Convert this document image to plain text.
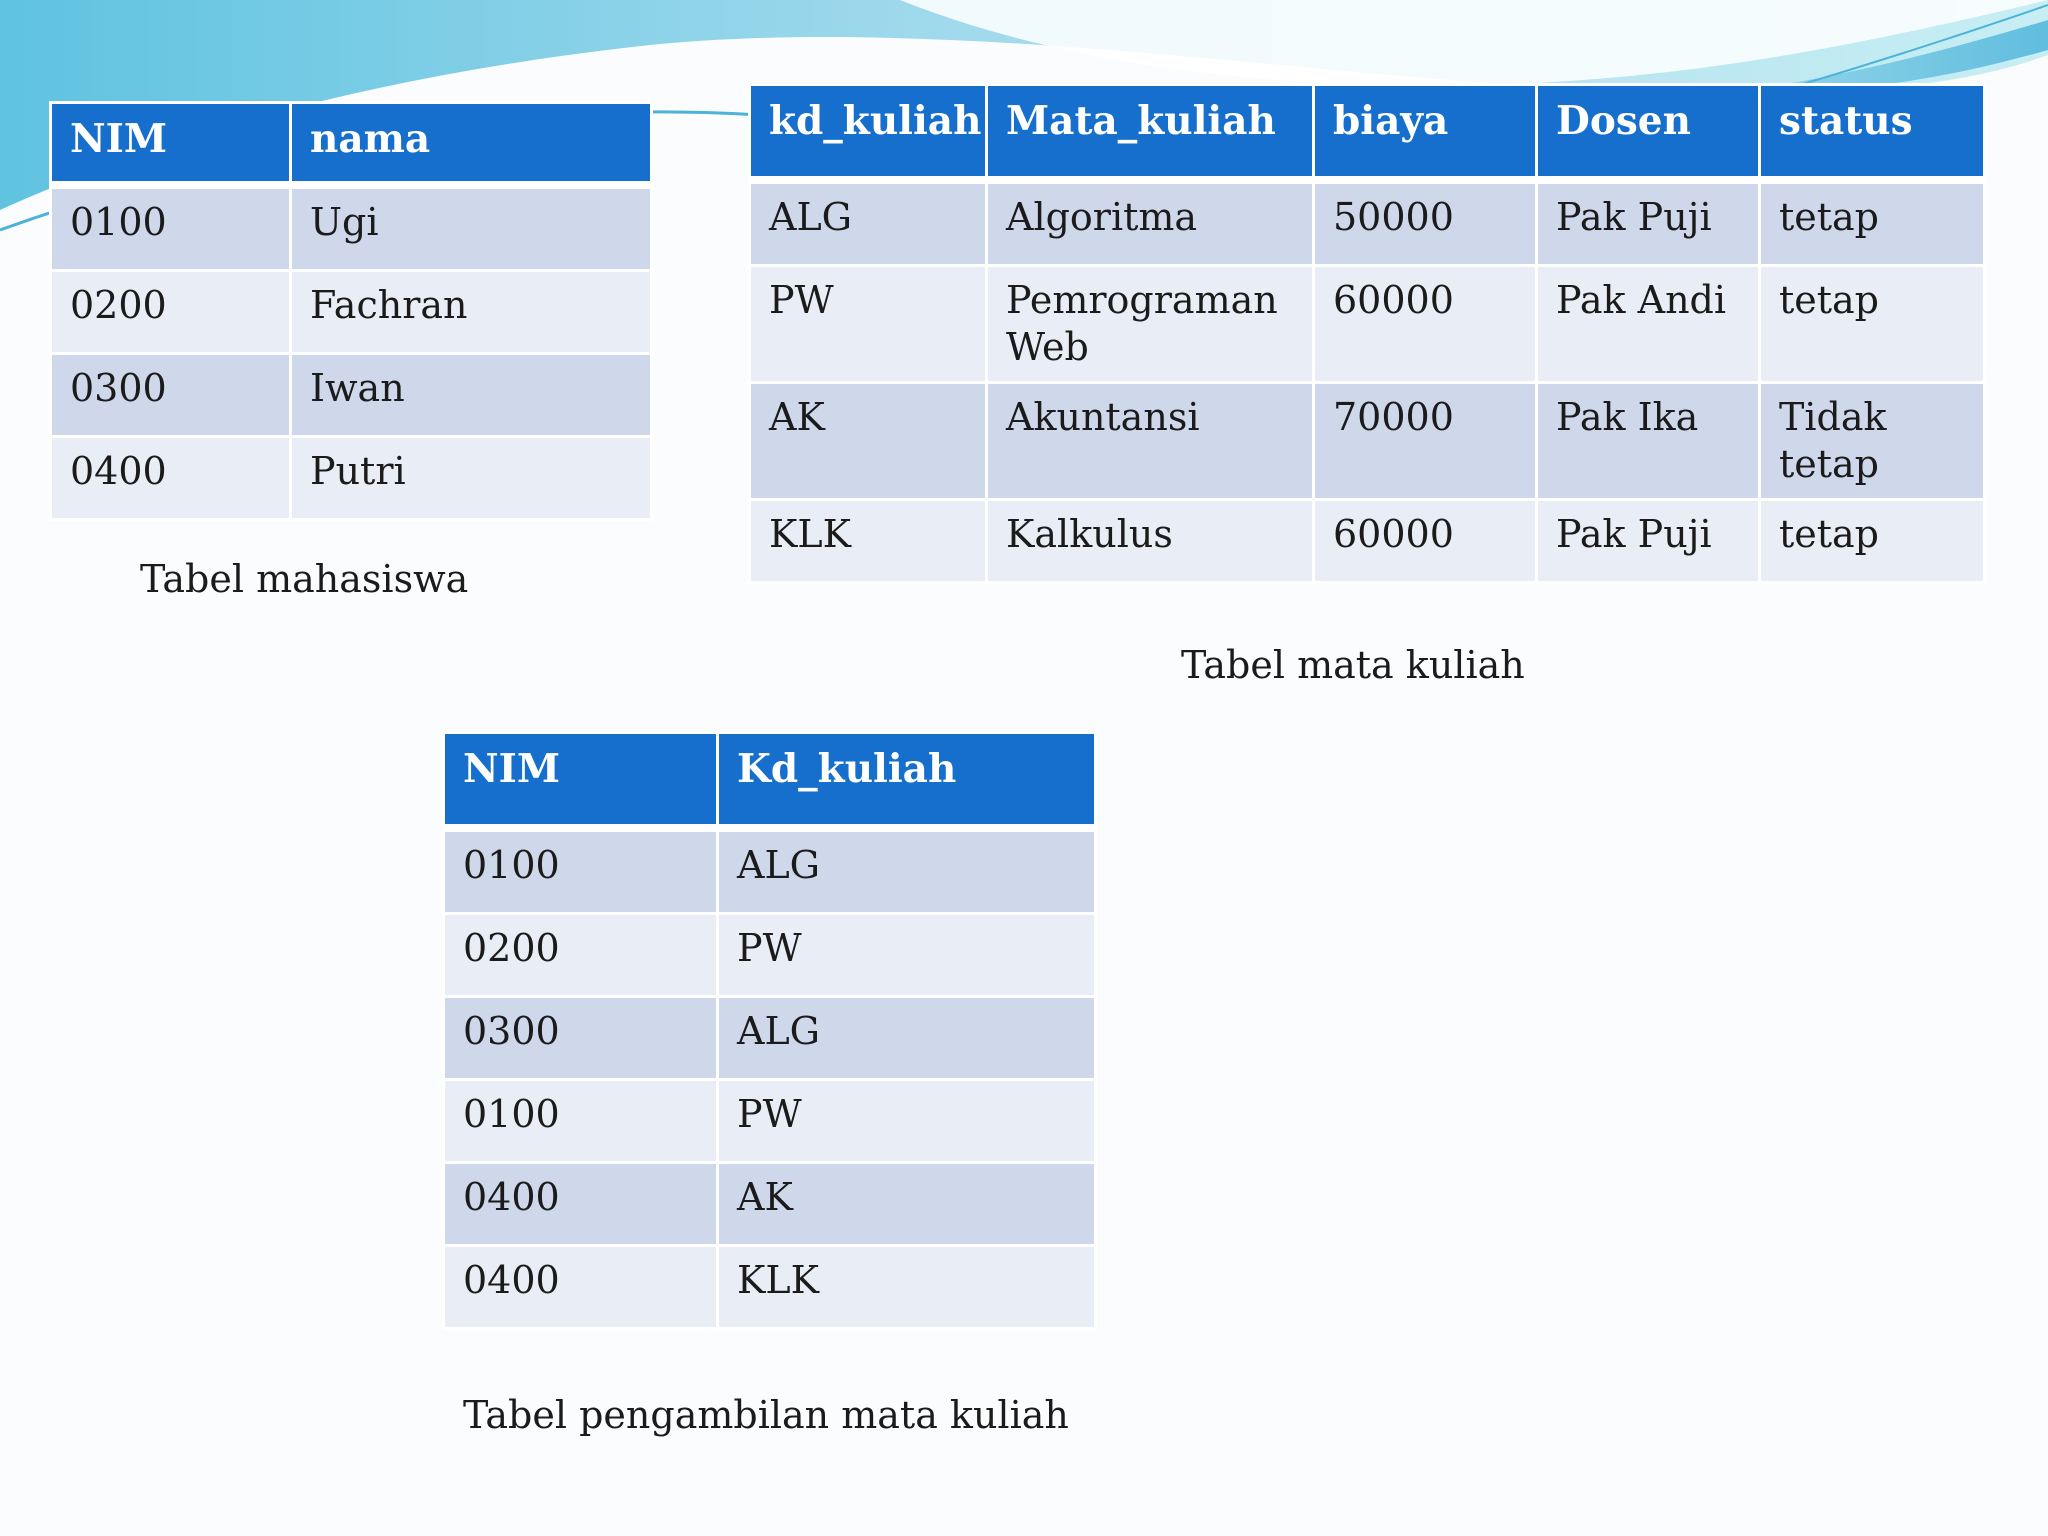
NIM	nama
0100	Ugi
0200	Fachran
0300	Iwan
0400	Putri
Tabel mahasiswa
kd_kuliah	Mata_kuliah	biaya	Dosen	status
ALG	Algoritma	50000	Pak Puji	tetap
PW	Pemrograman Web	60000	Pak Andi	tetap
AK	Akuntansi	70000	Pak Ika	Tidak tetap
KLK	Kalkulus	60000	Pak Puji	tetap
Tabel mata kuliah
NIM	Kd_kuliah
0100	ALG
0200	PW
0300	ALG
0100	PW
0400	AK
0400	KLK
Tabel pengambilan mata kuliah
